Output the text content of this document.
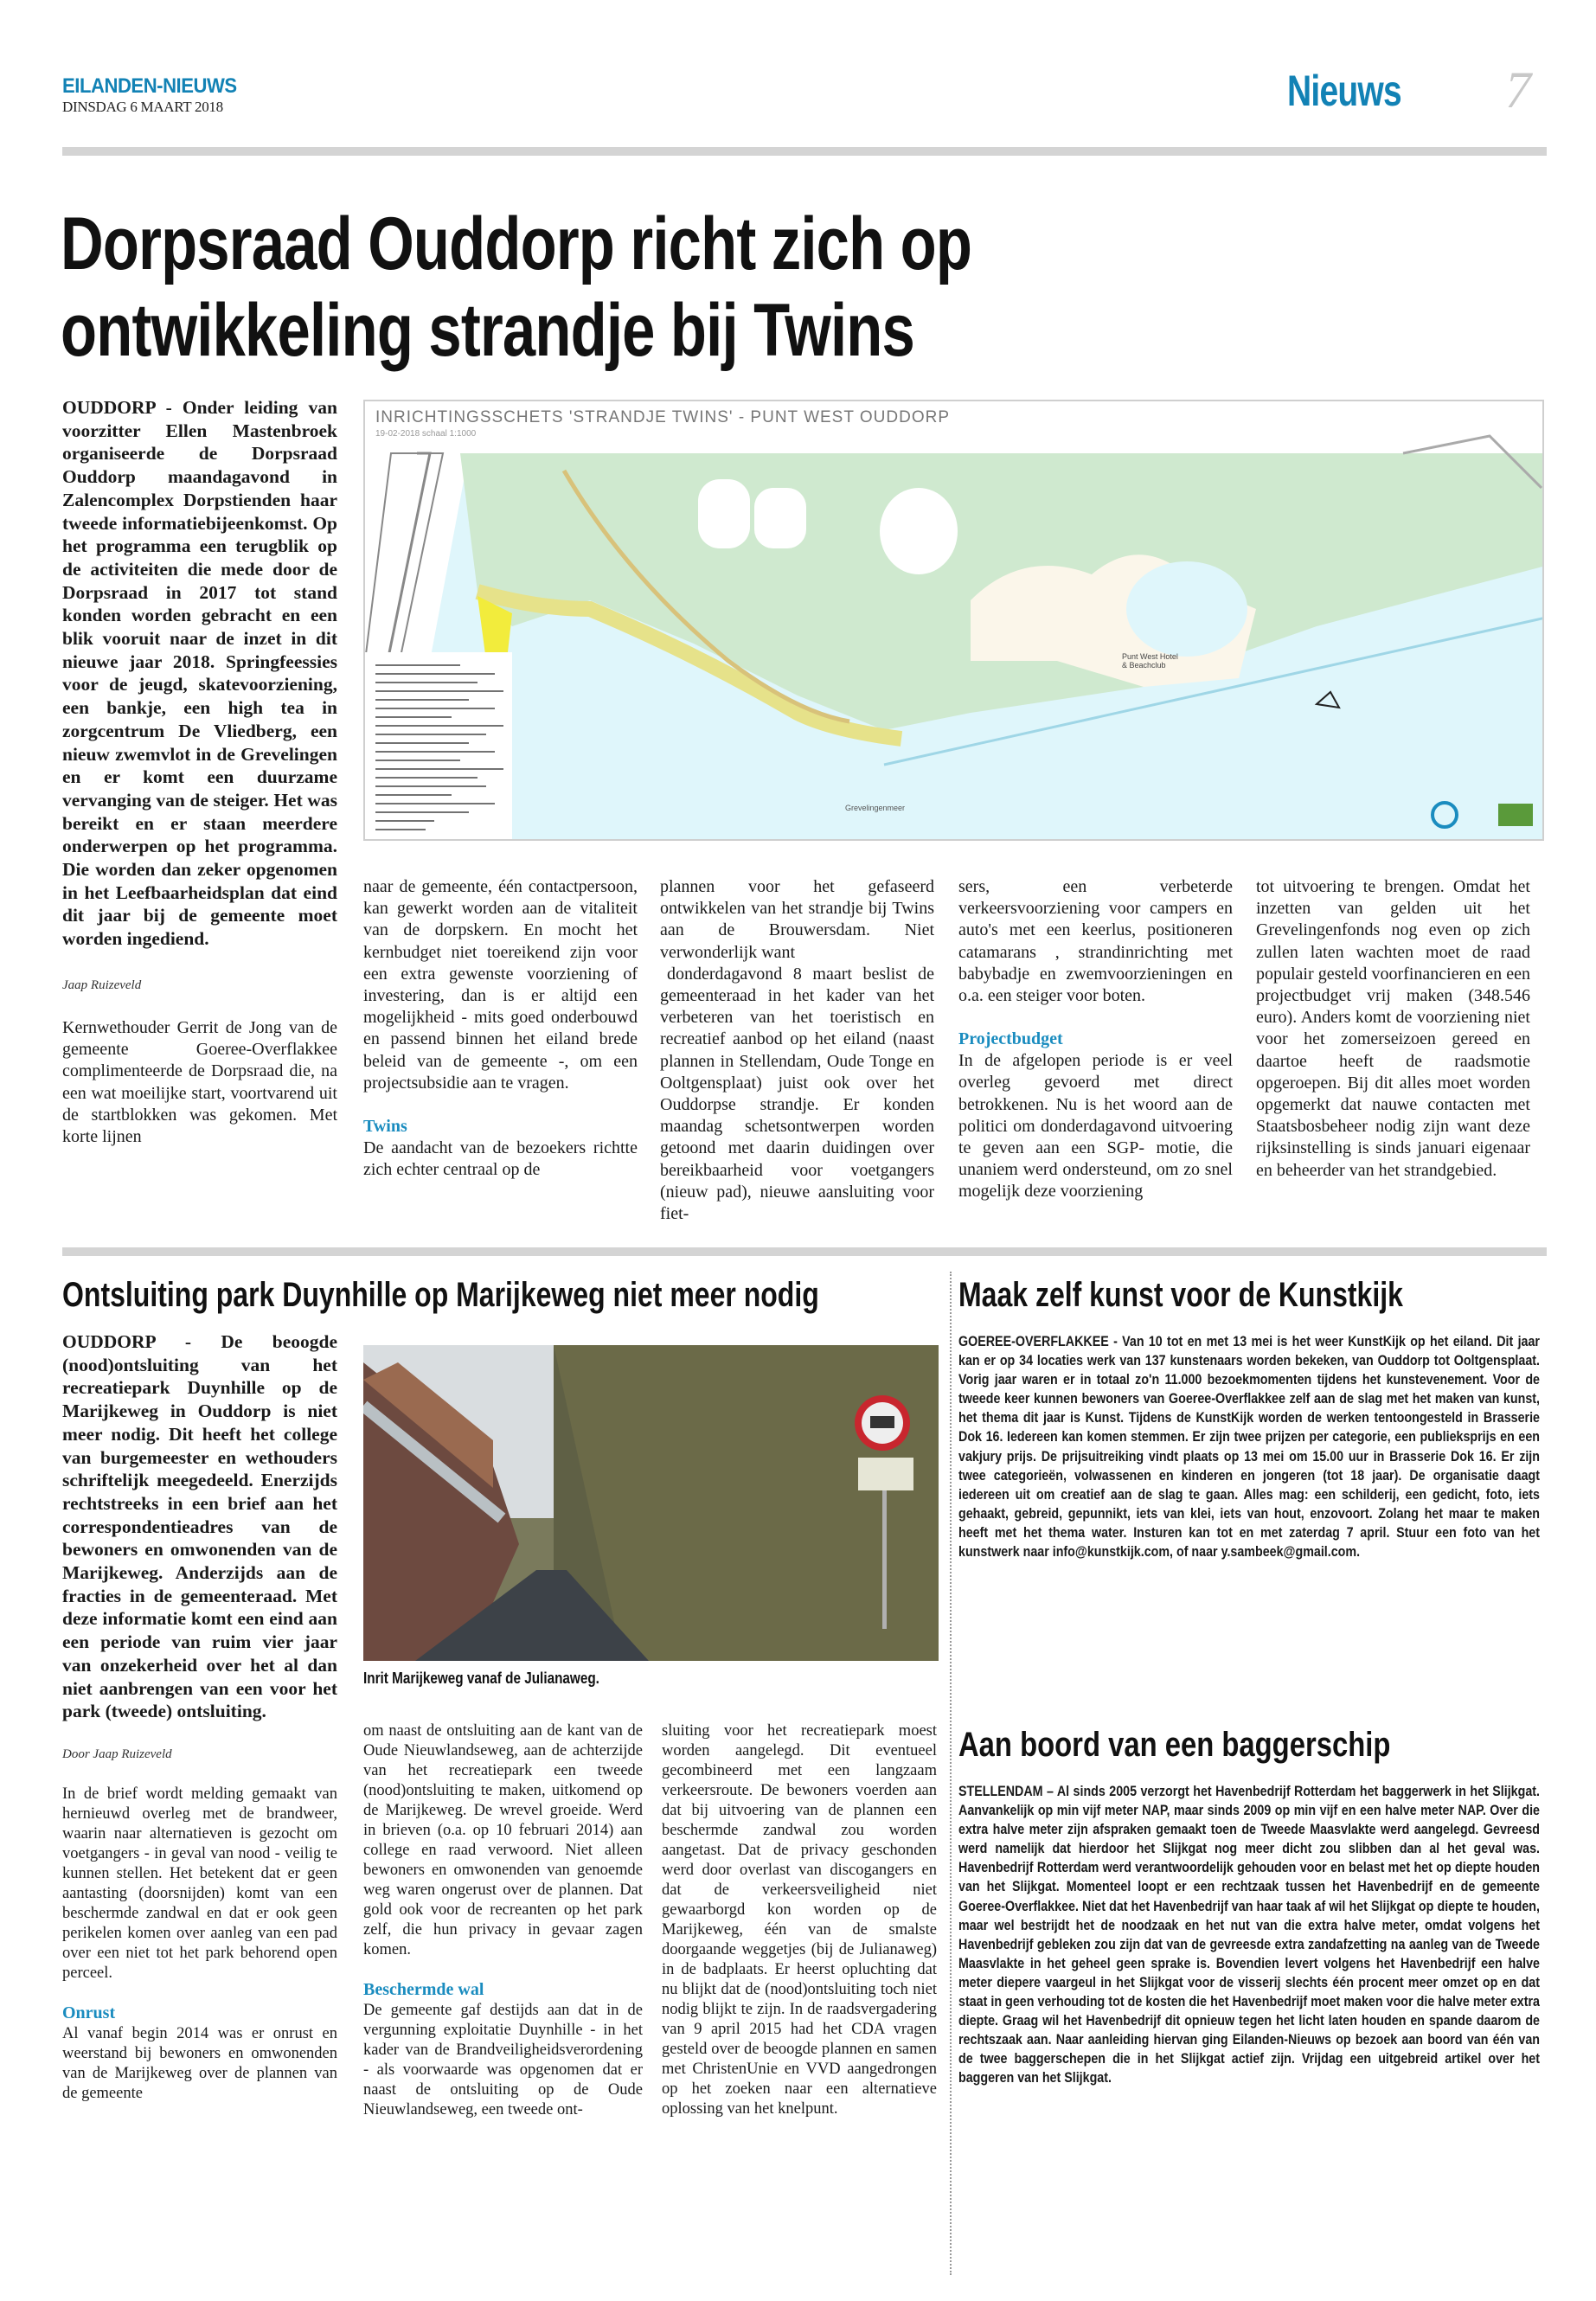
EILANDEN-NIEUWS
DINSDAG 6 MAART 2018	Nieuws 7
Dorpsraad Ouddorp richt zich op
ontwikkeling strandje bij Twins

OUDDORP - Onder leiding van voorzitter Ellen Mastenbroek organiseerde de Dorpsraad Ouddorp maandagavond in Zalencomplex Dorpstienden haar tweede informatiebijeenkomst. Op het programma een terugblik op de activiteiten die mede door de Dorpsraad in 2017 tot stand konden worden gebracht en een blik vooruit naar de inzet in dit nieuwe jaar 2018. Springfeessies voor de jeugd, skatevoorziening, een bankje, een high tea in zorgcentrum De Vliedberg, een nieuw zwemvlot in de Grevelingen en er komt een duurzame vervanging van de steiger. Het was bereikt en er staan meerdere onderwerpen op het programma. Die worden dan zeker opgenomen in het Leefbaarheidsplan dat eind dit jaar bij de gemeente moet worden ingediend.

Jaap Ruizeveld

Kernwethouder Gerrit de Jong van de gemeente Goeree-Overflakkee complimenteerde de Dorpsraad die, na een wat moeilijke start, voortvarend uit de startblokken was gekomen. Met korte lijnen

INRICHTINGSSCHETS 'STRANDJE TWINS' - PUNT WEST OUDDORP
19-02-2018 schaal 1:1000
Punt West Hotel & Beachclub
Grevelingenmeer

naar de gemeente, één contactpersoon, kan gewerkt worden aan de vitaliteit van de dorpskern. En mocht het kernbudget niet toereikend zijn voor een extra gewenste voorziening of investering, dan is er altijd een mogelijkheid - mits goed onderbouwd en passend binnen het eiland brede beleid van de gemeente -, om een projectsubsidie aan te vragen.

Twins

De aandacht van de bezoekers richtte zich echter centraal op de

plannen voor het gefaseerd ontwikkelen van het strandje bij Twins aan de Brouwersdam. Niet verwonderlijk want

donderdagavond 8 maart beslist de gemeenteraad in het kader van het verbeteren van het toeristisch en recreatief aanbod op het eiland (naast plannen in Stellendam, Oude Tonge en Ooltgensplaat) juist ook over het Ouddorpse strandje. Er konden maandag schetsontwerpen worden getoond met daarin duidingen over bereikbaarheid voor voetgangers (nieuw pad), nieuwe aansluiting voor fiet-

sers, een verbeterde verkeersvoorziening voor campers en auto's met een keerlus, positioneren catamarans , strandinrichting met babybadje en zwemvoorzieningen en o.a. een steiger voor boten.

Projectbudget

In de afgelopen periode is er veel overleg gevoerd met direct betrokkenen. Nu is het woord aan de politici om donderdagavond uitvoering te geven aan een SGP- motie, die unaniem werd ondersteund, om zo snel mogelijk deze voorziening

tot uitvoering te brengen. Omdat het inzetten van gelden uit het Grevelingenfonds nog even op zich zullen laten wachten moet de raad populair gesteld voorfinancieren en een projectbudget vrij maken (348.546 euro). Anders komt de voorziening niet voor het zomerseizoen gereed en daartoe heeft de raadsmotie opgeroepen. Bij dit alles moet worden opgemerkt dat nauwe contacten met Staatsbosbeheer nodig zijn want deze rijksinstelling is sinds januari eigenaar en beheerder van het strandgebied.

Ontsluiting park Duynhille op Marijkeweg niet meer nodig

OUDDORP - De beoogde (nood)ontsluiting van het recreatiepark Duynhille op de Marijkeweg in Ouddorp is niet meer nodig. Dit heeft het college van burgemeester en wethouders schriftelijk meegedeeld. Enerzijds rechtstreeks in een brief aan het correspondentieadres van de bewoners en omwonenden van de Marijkeweg. Anderzijds aan de fracties in de gemeenteraad. Met deze informatie komt een eind aan een periode van ruim vier jaar van onzekerheid over het al dan niet aanbrengen van een voor het park (tweede) ontsluiting.

Door Jaap Ruizeveld

In de brief wordt melding gemaakt van hernieuwd overleg met de brandweer, waarin naar alternatieven is gezocht om voetgangers - in geval van nood - veilig te kunnen stellen. Het betekent dat er geen aantasting (doorsnijden) komt van een beschermde zandwal en dat er ook geen perikelen komen over aanleg van een pad over een niet tot het park behorend open perceel.

Onrust

Al vanaf begin 2014 was er onrust en weerstand bij bewoners en omwonenden van de Marijkeweg over de plannen van de gemeente

Inrit Marijkeweg vanaf de Julianaweg.

om naast de ontsluiting aan de kant van de Oude Nieuwlandseweg, aan de achterzijde van het recreatiepark een tweede (nood)ontsluiting te maken, uitkomend op de Marijkeweg. De wrevel groeide. Werd in brieven (o.a. op 10 februari 2014) aan college en raad verwoord. Niet alleen bewoners en omwonenden van genoemde weg waren ongerust over de plannen. Dat gold ook voor de recreanten op het park zelf, die hun privacy in gevaar zagen komen.

Beschermde wal

De gemeente gaf destijds aan dat in de vergunning exploitatie Duynhille - in het kader van de Brandveiligheidsverordening - als voorwaarde was opgenomen dat er naast de ontsluiting op de Oude Nieuwlandseweg, een tweede ont-

sluiting voor het recreatiepark moest worden aangelegd. Dit eventueel gecombineerd met een langzaam verkeersroute. De bewoners voerden aan dat bij uitvoering van de plannen een beschermde zandwal zou worden aangetast. Dat de privacy geschonden werd door overlast van discogangers en dat de verkeersveiligheid niet gewaarborgd kon worden op de Marijkeweg, één van de smalste doorgaande weggetjes (bij de Julianaweg) in de badplaats. Er heerst opluchting dat nu blijkt dat de (nood)ontsluiting toch niet nodig blijkt te zijn. In de raadsvergadering van 9 april 2015 had het CDA vragen gesteld over de beoogde plannen en samen met ChristenUnie en VVD aangedrongen op het zoeken naar een alternatieve oplossing van het knelpunt.

Maak zelf kunst voor de Kunstkijk
GOEREE-OVERFLAKKEE - Van 10 tot en met 13 mei is het weer KunstKijk op het eiland. Dit jaar kan er op 34 locaties werk van 137 kunstenaars worden bekeken, van Ouddorp tot Ooltgensplaat. Vorig jaar waren er in totaal zo'n 11.000 bezoekmomenten tijdens het kunstevenement. Voor de tweede keer kunnen bewoners van Goeree-Overflakkee zelf aan de slag met het maken van kunst, het thema dit jaar is Kunst. Tijdens de KunstKijk worden de werken tentoongesteld in Brasserie Dok 16. Iedereen kan komen stemmen. Er zijn twee prijzen per categorie, een publieksprijs en een vakjury prijs. De prijsuitreiking vindt plaats op 13 mei om 15.00 uur in Brasserie Dok 16. Er zijn twee categorieën, volwassenen en kinderen en jongeren (tot 18 jaar). De organisatie daagt iedereen uit om creatief aan de slag te gaan. Alles mag: een schilderij, een gedicht, foto, iets gehaakt, gebreid, gepunnikt, iets van klei, iets van hout, enzovoort. Zolang het maar te maken heeft met het thema water. Insturen kan tot en met zaterdag 7 april. Stuur een foto van het kunstwerk naar info@kunstkijk.com, of naar y.sambeek@gmail.com.
Aan boord van een baggerschip
STELLENDAM – Al sinds 2005 verzorgt het Havenbedrijf Rotterdam het baggerwerk in het Slijkgat. Aanvankelijk op min vijf meter NAP, maar sinds 2009 op min vijf en een halve meter NAP. Over die extra halve meter zijn afspraken gemaakt toen de Tweede Maasvlakte werd aangelegd. Gevreesd werd namelijk dat hierdoor het Slijkgat nog meer dicht zou slibben dan al het geval was. Havenbedrijf Rotterdam werd verantwoordelijk gehouden voor en belast met het op diepte houden van het Slijkgat. Momenteel loopt er een rechtzaak tussen het Havenbedrijf en de gemeente Goeree-Overflakkee. Niet dat het Havenbedrijf van haar taak af wil het Slijkgat op diepte te houden, maar wel bestrijdt het de noodzaak en het nut van die extra halve meter, omdat volgens het Havenbedrijf gebleken zou zijn dat van de gevreesde extra zandafzetting na aanleg van de Tweede Maasvlakte in het geheel geen sprake is. Bovendien levert volgens het Havenbedrijf een halve meter diepere vaargeul in het Slijkgat voor de visserij slechts één procent meer omzet op en dat staat in geen verhouding tot de kosten die het Havenbedrijf moet maken voor die halve meter extra diepte. Graag wil het Havenbedrijf dit opnieuw tegen het licht laten houden en spande daarom de rechtszaak aan. Naar aanleiding hiervan ging Eilanden-Nieuws op bezoek aan boord van één van de twee baggerschepen die in het Slijkgat actief zijn. Vrijdag een uitgebreid artikel over het baggeren van het Slijkgat.
